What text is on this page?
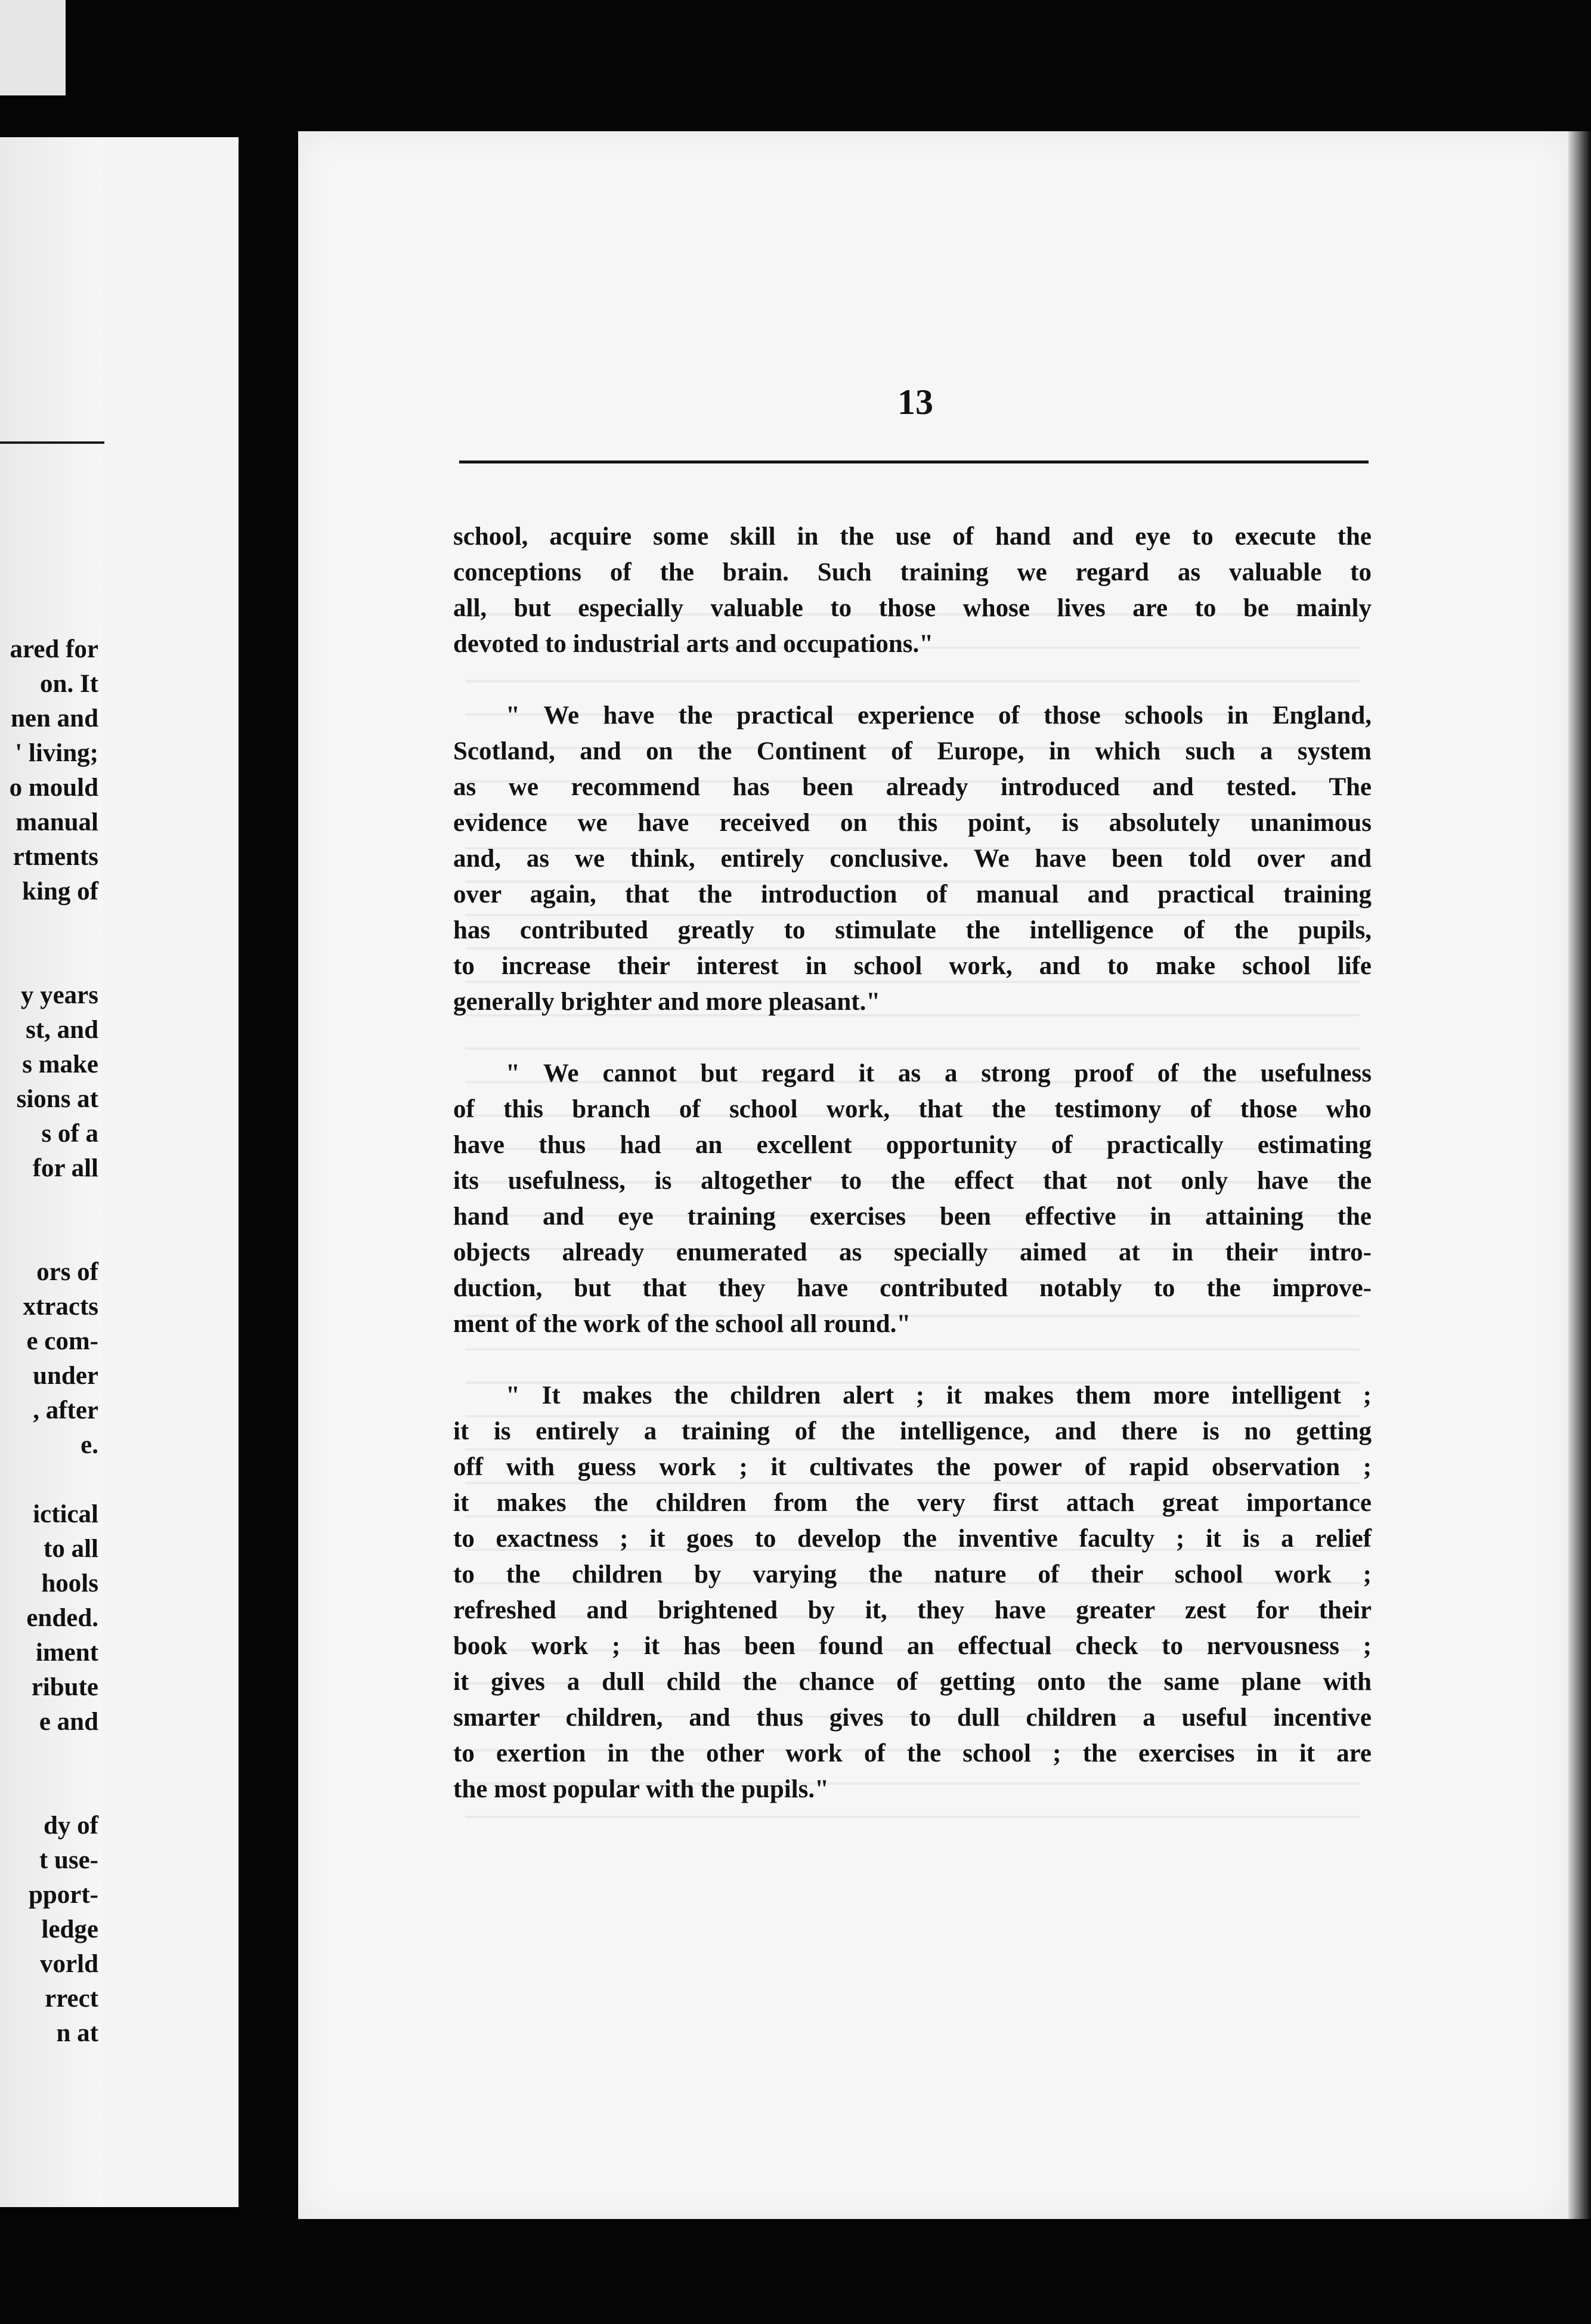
ared for
on. It
nen and
' living;
o mould
manual
rtments
king of
y years
st, and
s make
sions at
s of a
for all
ors of
xtracts
e com-
under
, after
e.
ictical
to all
hools
ended.
iment
ribute
e and
dy of
t use-
pport-
ledge
vorld
rrect
n at
13
school, acquire some skill in the use of hand and eye to execute the
conceptions of the brain. Such training we regard as valuable to
all, but especially valuable to those whose lives are to be mainly
devoted to industrial arts and occupations."
" We have the practical experience of those schools in England,
Scotland, and on the Continent of Europe, in which such a system
as we recommend has been already introduced and tested. The
evidence we have received on this point, is absolutely unanimous
and, as we think, entirely conclusive. We have been told over and
over again, that the introduction of manual and practical training
has contributed greatly to stimulate the intelligence of the pupils,
to increase their interest in school work, and to make school life
generally brighter and more pleasant."
" We cannot but regard it as a strong proof of the usefulness
of this branch of school work, that the testimony of those who
have thus had an excellent opportunity of practically estimating
its usefulness, is altogether to the effect that not only have the
hand and eye training exercises been effective in attaining the
objects already enumerated as specially aimed at in their intro-
duction, but that they have contributed notably to the improve-
ment of the work of the school all round."
" It makes the children alert ; it makes them more intelligent ;
it is entirely a training of the intelligence, and there is no getting
off with guess work ; it cultivates the power of rapid observation ;
it makes the children from the very first attach great importance
to exactness ; it goes to develop the inventive faculty ; it is a relief
to the children by varying the nature of their school work ;
refreshed and brightened by it, they have greater zest for their
book work ; it has been found an effectual check to nervousness ;
it gives a dull child the chance of getting onto the same plane with
smarter children, and thus gives to dull children a useful incentive
to exertion in the other work of the school ; the exercises in it are
the most popular with the pupils."
